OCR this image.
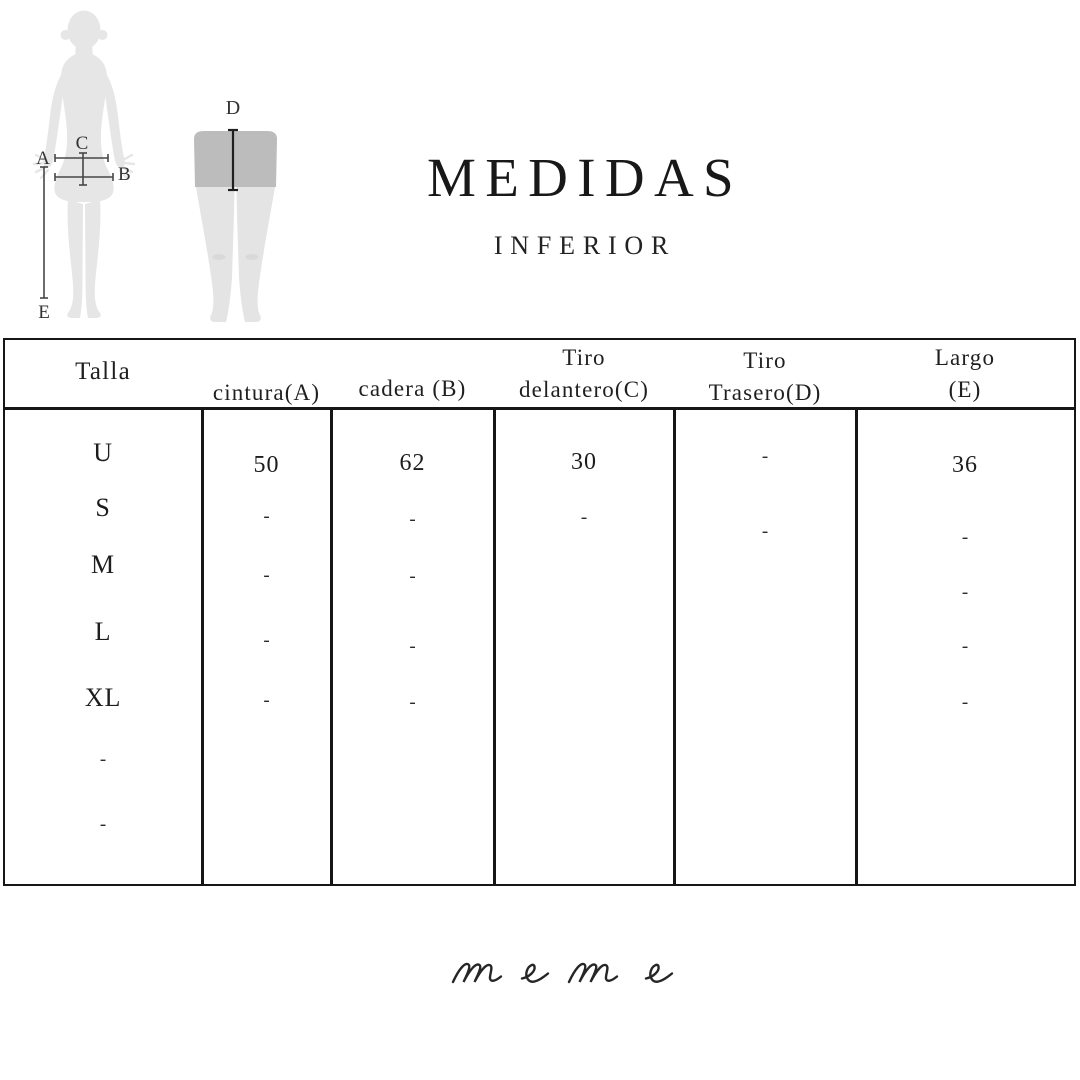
C
A
B
E
D
MEDIDAS
INFERIOR
Talla
cintura(A)	cadera (B)
Tiro
delantero(C)
Tiro
Trasero(D)
Largo
(E)
U
S
M
L
XL
-
-
50
-
-
-
-
62
-
-
-
-
30
-
-
-
36
-
-
-
-
